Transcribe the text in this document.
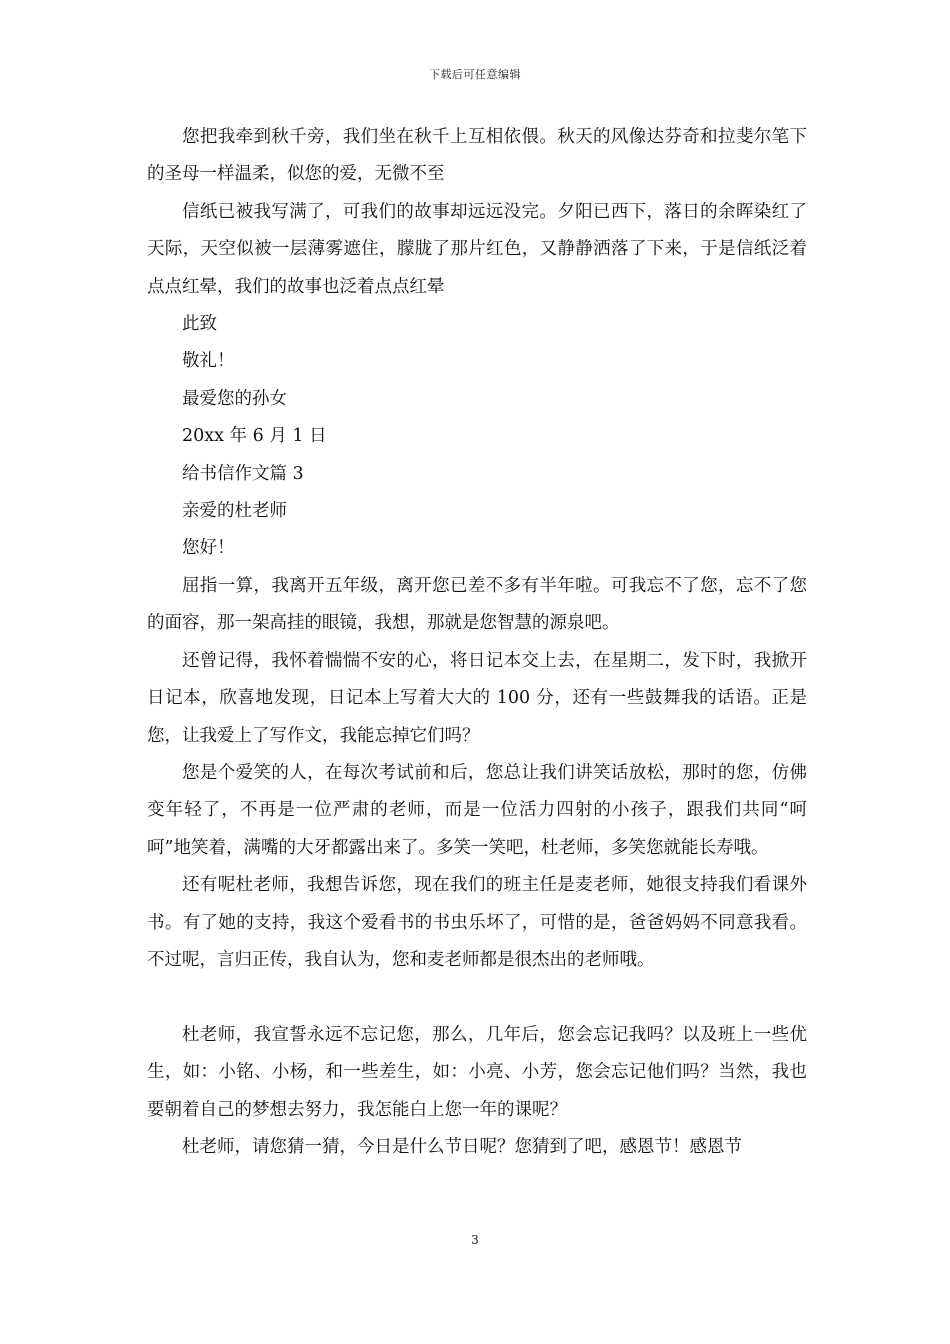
下载后可任意编辑

您把我牵到秋千旁，我们坐在秋千上互相依偎。秋天的风像达芬奇和拉斐尔笔下的圣母一样温柔，似您的爱，无微不至

信纸已被我写满了，可我们的故事却远远没完。夕阳已西下，落日的余晖染红了天际，天空似被一层薄雾遮住，朦胧了那片红色，又静静洒落了下来，于是信纸泛着点点红晕，我们的故事也泛着点点红晕

此致

敬礼！

最爱您的孙女

20xx 年 6 月 1 日

给书信作文篇 3

亲爱的杜老师

您好！

屈指一算，我离开五年级，离开您已差不多有半年啦。可我忘不了您，忘不了您的面容，那一架高挂的眼镜，我想，那就是您智慧的源泉吧。

还曾记得，我怀着惴惴不安的心，将日记本交上去，在星期二，发下时，我掀开日记本，欣喜地发现，日记本上写着大大的 100 分，还有一些鼓舞我的话语。正是您，让我爱上了写作文，我能忘掉它们吗？

您是个爱笑的人，在每次考试前和后，您总让我们讲笑话放松，那时的您，仿佛变年轻了，不再是一位严肃的老师，而是一位活力四射的小孩子，跟我们共同“呵呵”地笑着，满嘴的大牙都露出来了。多笑一笑吧，杜老师，多笑您就能长寿哦。

还有呢杜老师，我想告诉您，现在我们的班主任是麦老师，她很支持我们看课外书。有了她的支持，我这个爱看书的书虫乐坏了，可惜的是，爸爸妈妈不同意我看。不过呢，言归正传，我自认为，您和麦老师都是很杰出的老师哦。

杜老师，我宣誓永远不忘记您，那么，几年后，您会忘记我吗？以及班上一些优生，如：小铭、小杨，和一些差生，如：小亮、小芳，您会忘记他们吗？当然，我也要朝着自己的梦想去努力，我怎能白上您一年的课呢？

杜老师，请您猜一猜，今日是什么节日呢？您猜到了吧，感恩节！感恩节

3
